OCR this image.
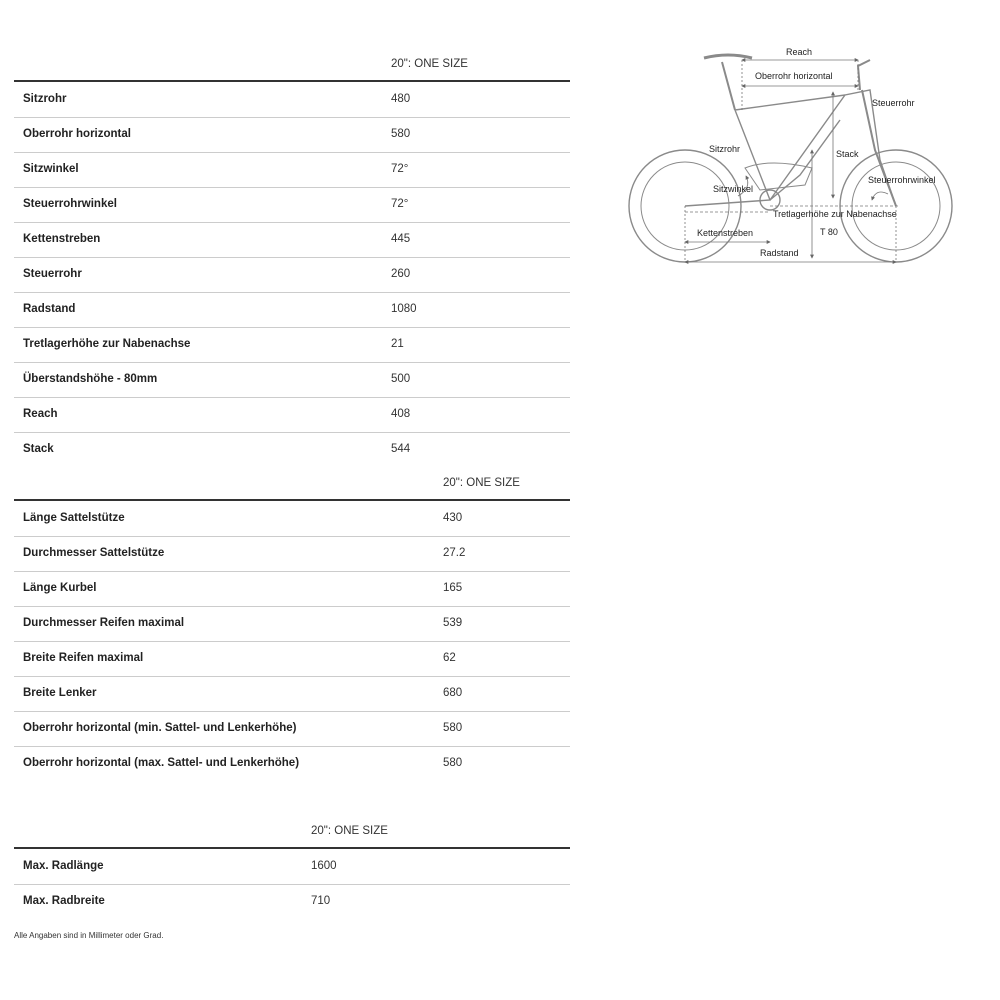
20": ONE SIZE
Sitzrohr	480
Oberrohr horizontal	580
Sitzwinkel	72°
Steuerrohrwinkel	72°
Kettenstreben	445
Steuerrohr	260
Radstand	1080
Tretlagerhöhe zur Nabenachse	21
Überstandshöhe - 80mm	500
Reach	408
Stack	544
20": ONE SIZE
Länge Sattelstütze	430
Durchmesser Sattelstütze	27.2
Länge Kurbel	165
Durchmesser Reifen maximal	539
Breite Reifen maximal	62
Breite Lenker	680
Oberrohr horizontal (min. Sattel- und Lenkerhöhe)	580
Oberrohr horizontal (max. Sattel- und Lenkerhöhe)	580
20": ONE SIZE
Max. Radlänge	1600
Max. Radbreite	710
Alle Angaben sind in Millimeter oder Grad.
Reach
Oberrohr horizontal
Steuerrohr
Sitzrohr	Stack
Sitzwinkel
Steuerrohrwinkel
Tretlagerhöhe zur Nabenachse
Kettenstreben	T 80
Radstand
